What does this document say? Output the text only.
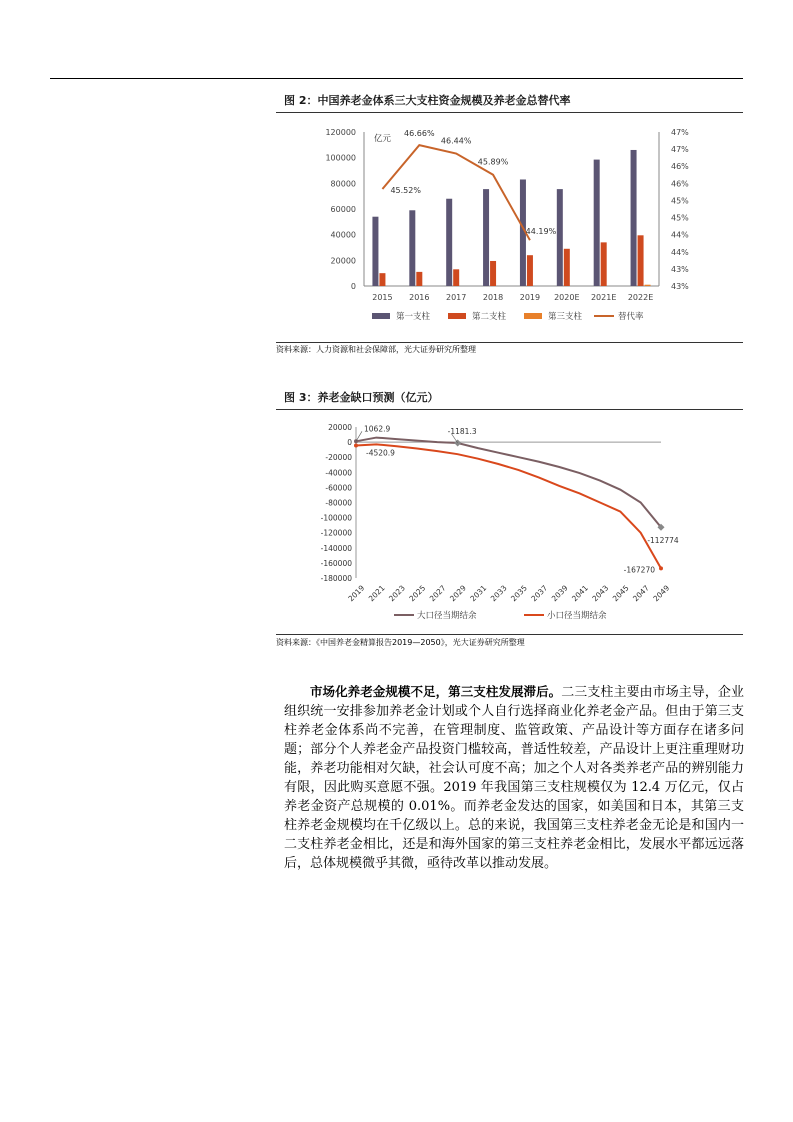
图 2：中国养老金体系三大支柱资金规模及养老金总替代率
0
20000
40000
60000
80000
100000
120000
43%
43%
44%
44%
45%
45%
46%
46%
47%
47%
亿元
2015 2016 2017 2018 2019 2020E 2021E 2022E
45.52%
46.66%
46.44%
45.89%
44.19%
第一支柱	第二支柱	第三支柱	替代率
资料来源：人力资源和社会保障部，光大证券研究所整理
图 3：养老金缺口预测（亿元）
20000
0
-20000
-40000
-60000
-80000
-100000
-120000
-140000
-160000
-180000
2019 2021 2023 2025 2027 2029 2031 2033 2035 2037 2039 2041 2043 2045 2047 2049
1062.9
-4520.9
-1181.3
-112774
-167270
大口径当期结余	小口径当期结余
资料来源：《中国养老金精算报告2019—2050》，光大证券研究所整理
市场化养老金规模不足，第三支柱发展滞后。二三支柱主要由市场主导，企业组织统一安排参加养老金计划或个人自行选择商业化养老金产品。但由于第三支柱养老金体系尚不完善，在管理制度、监管政策、产品设计等方面存在诸多问题；部分个人养老金产品投资门槛较高，普适性较差，产品设计上更注重理财功能，养老功能相对欠缺，社会认可度不高；加之个人对各类养老产品的辨别能力有限，因此购买意愿不强。2019 年我国第三支柱规模仅为 12.4 万亿元，仅占养老金资产总规模的 0.01%。而养老金发达的国家，如美国和日本，其第三支柱养老金规模均在千亿级以上。总的来说，我国第三支柱养老金无论是和国内一二支柱养老金相比，还是和海外国家的第三支柱养老金相比，发展水平都远远落后，总体规模微乎其微，亟待改革以推动发展。
